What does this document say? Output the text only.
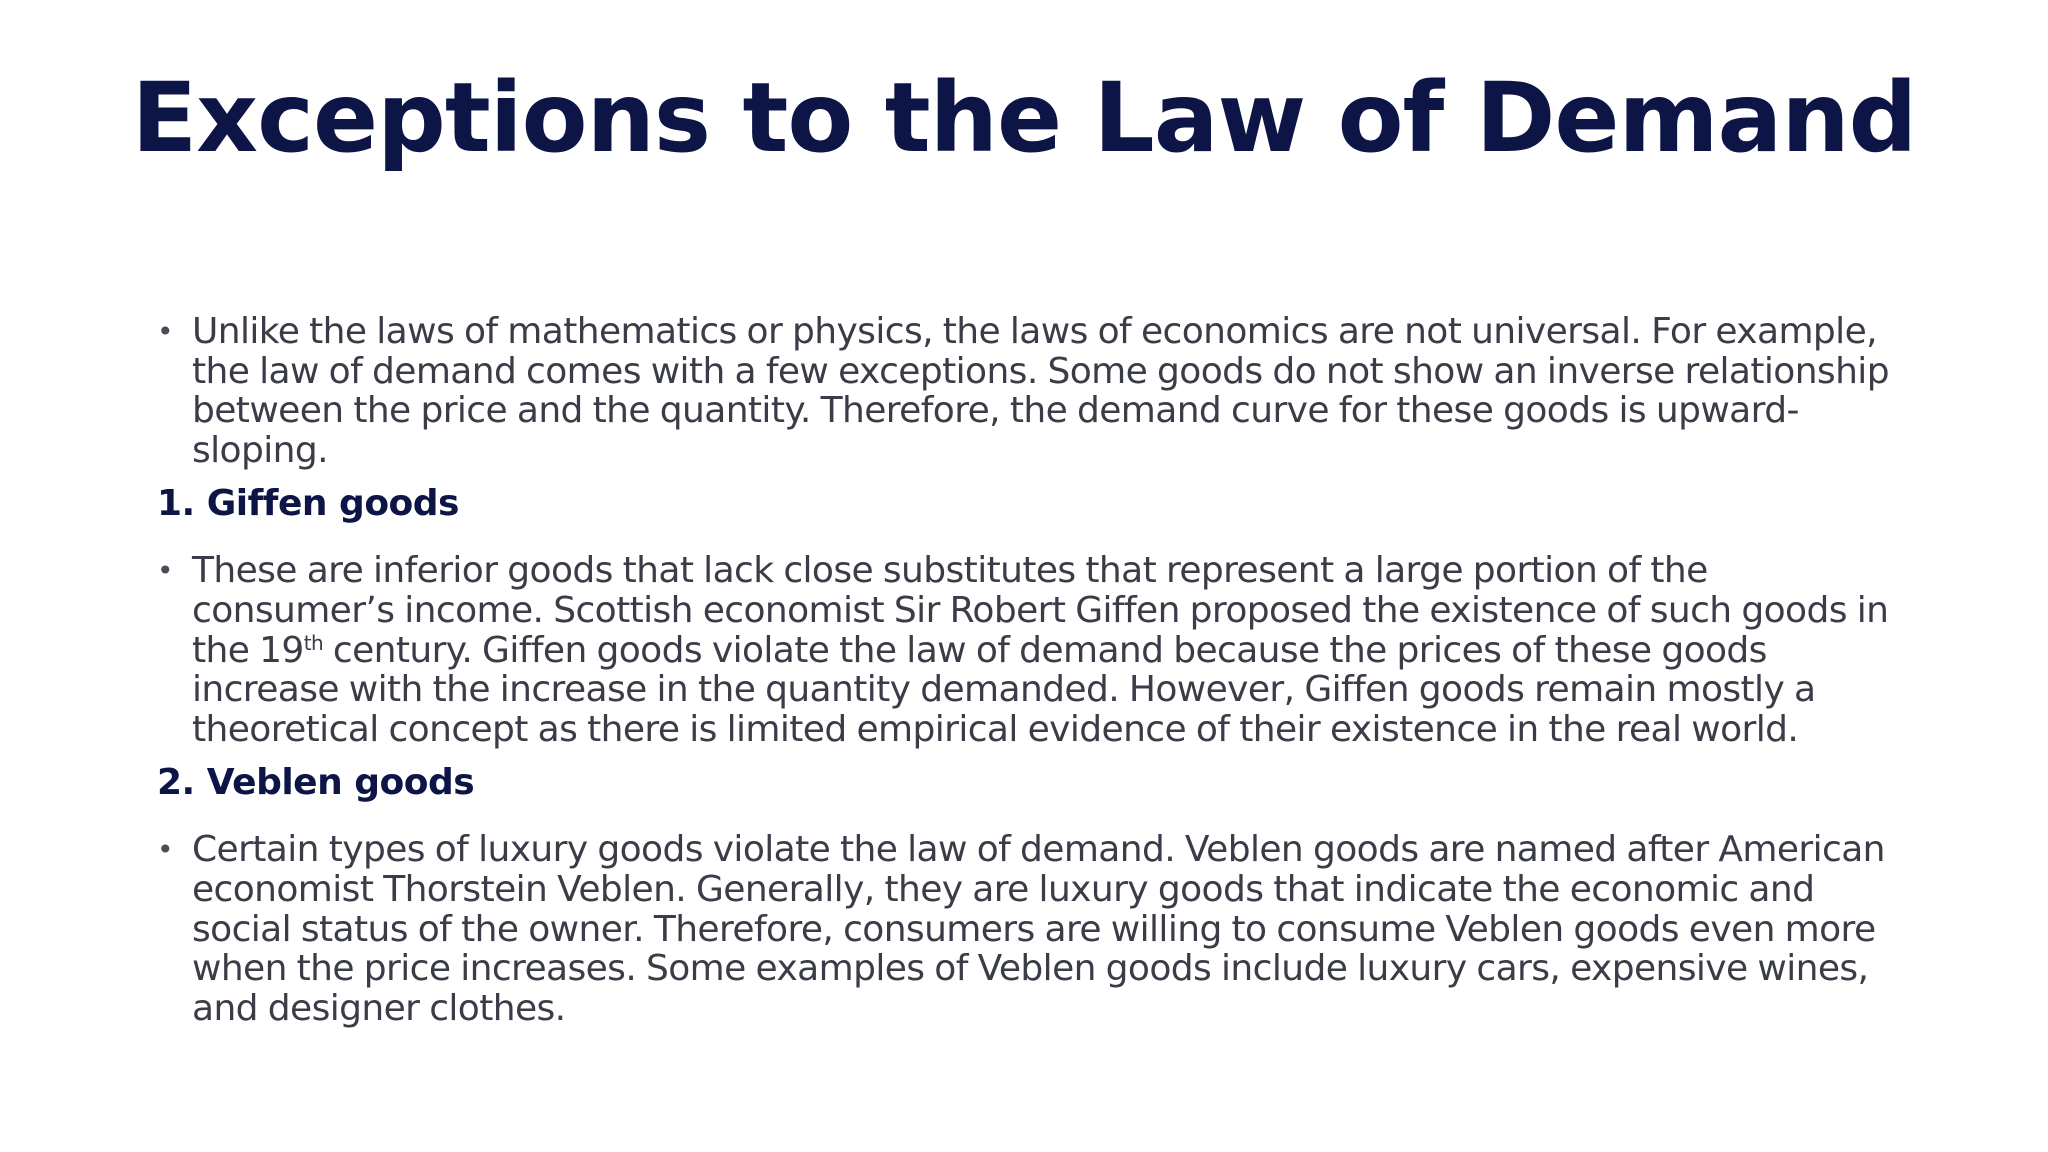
Exceptions to the Law of Demand

• Unlike the laws of mathematics or physics, the laws of economics are not universal. For example, the law of demand comes with a few exceptions. Some goods do not show an inverse relationship between the price and the quantity. Therefore, the demand curve for these goods is upward-sloping.

1. Giffen goods

• These are inferior goods that lack close substitutes that represent a large portion of the consumer’s income. Scottish economist Sir Robert Giffen proposed the existence of such goods in the 19th century. Giffen goods violate the law of demand because the prices of these goods increase with the increase in the quantity demanded. However, Giffen goods remain mostly a theoretical concept as there is limited empirical evidence of their existence in the real world.

2. Veblen goods

• Certain types of luxury goods violate the law of demand. Veblen goods are named after American economist Thorstein Veblen. Generally, they are luxury goods that indicate the economic and social status of the owner. Therefore, consumers are willing to consume Veblen goods even more when the price increases. Some examples of Veblen goods include luxury cars, expensive wines, and designer clothes.
